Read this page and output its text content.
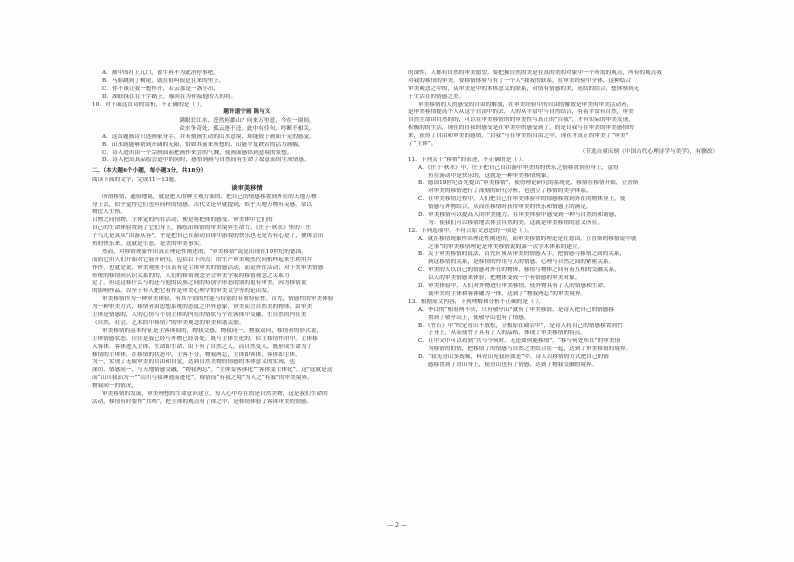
A．被中国打上几口，雀牛再不为此消停事吧。
B．马耶跳到了树尾，就在很叫很是在来的里上。
C．你不该让我一想怀开，若云那是一盏小吊，
D．湖联抹在在十字路上，穆回在为你接他的人的将。
10．对下面这首诗的赏析，不正确的是（ ）。
题许道宁画 陈与义
满眼长江水，苍然何郡山？向来万里意，今在一窗间。
众水争奇处，孤云逐不还。此中有佳句，吟断不相关。
A．这首题画诗只述画家身手，并未刻画生动的山水意境，却能较于画面十足的感觉。
B．山水画能够帮到开阔的无限，恰如其前来所想的，山能平复跌宕的活力画幅。
C．诗人进出由一个宗画面而把画作来尝的气魄，使画面感悟到意境的景想。
D．诗人把出真品绘尝道中的同时，感悟到画与自然间有生命了故意而的生成情感。
二、（本大题6个小题，每小题3分，共18分）
阅读下面的文字，完成11～13题。
谈审美移情
所谓移情，通俗地说，就是把人的种主观方面的，把自己的情感移置到外在的天地万物
身上去，似乎觉得它们也有同样的情感。古代文论早就提到，似乎天地万物有灵感，常以
物比人生格，
日物之同情物，主体觉的内在活动，便是将把体的感受，审美体中它们的
自己的生命体验置到了它们身上，描绘出移情的审美境界生命力。《庄子·秋水》里的：庄
子鸟儿是真从“出游从容”，乎是把自己在游动自体中游戏的快乐也无是否有心是了，便体会出
鱼的快乐来，这就是生态，是美的审美事实。
然而，对移情现象作出真正理论性阐述的，“审美移情”说是出现在19世纪的德国，
而而它用人们开始对它展开研究，包括以下四点：的生产审美观然代同相样起来生利用并
作作，也就是说，审美观照不仅表有是主体审美的情感活动，而是外在活动；对于美审美情感
传统的移情同认识关系的的，人们的移情观念全会审美学家的移情观念之关系力
定了。但这这移什么与的还与他的民族之间的特别学形态的别的更有审美，因为移情说
的影响作品，以至于有人把它看作是审美心理学的审美文学等的论出发。
审美移情作为一种审美体验，有其个别的性能与特别的有重特征性。首先，情感性的审美体验
为一种审美方式，移情者由思想系统的态度之中外意象，审美而言自然美的物体，由审美
主体是情感的，人的心情与个别主体的内在的情状与个在客体中交融，生自然的内在美
（自然，社会，艺术的中移情）”的审美观念的审美和谐关联。
审美移情的基本特征是主客体间的，物我交感，物我同一，物我双向，移情者的形式说，
主体情感状态，往往是我已经与外物已经各处，既与主体生化的，似主移情作用中，主体移
入客体，客体进入主体，生命即生命，由于有了自然之人，而自然变人，既形成生命为了
移情的主体体，在移情的状态中，主客不分，物我两忘，主体即客体，客体即主体，
为一，实现了无限审美的自由和自觉，达到自然美物的情感的本体意义的实现，也
深切，情感同一，与天地情感交融，“物我两忘”，“主体变客体化”“客体变主体化”。这”这就是这
而“山川我而为一”“山川与我神遇而迹化”，移情而“有我之境”为人之“有我”的审美境界，
物我同一的情况，
审美移情的发展，审美理想的生命意识建立，每人心中存在的是自然美物，这是我们生命的
活动，移情有时要作“共鸣”，把主体的观点有了体之中，是移情体验了客体审美的情感。
的深性，人都有自然的审美愿望。要把握自然的美是在真的美的对象中一个所需的观点，所有的观点我
对我的移情的审美，要移情体验与有了一个人”我我的联系，在审美经验中全体，这种结合
审美观念之中的，从审美是中的本体意义的联系，对情有情感的美，连结的结合，想体察到无
于生活在的情感之美。
审美移情的人的感受的自由的解放，在审美经验中的自由的解放是审美的审美活动者，
是审美移情提高个人从这个自由中的去，人的从平常中与自然结合，有着平常有自然，审美
自然生命由自然的的，可以在审美移情的的审美性与真正的“自我”，才有实际的审美发现，
积极的的生活，现在的自我的感受是在审美中的感受到了，的是自我与在审美的审美感情的
来，获得了自由和审美的感情，“自我”与在审美的自由之中，现在才真正的审美了“审美”
了“主体”。
（节选自童庆炳《中国古代心理诗学与美学》，有删改）
11．下列关于“移情”的表述，不正确的是（ ）。
A．《庄子·秋水》中，庄子把自己自由游中审美的的快乐之情移置到鱼身上，觉得
鱼在游动中是快乐的，这就是一种审美移情现象。
B．德国19世纪首先提出“审美移情”，使得理论研究的系统化，移情在移情开始，立普斯
对审美的移情进行了深刻的研究分析，也创立了移情的美学体系。
C．在审美移情过程中，人们把自己在审美体验中的情感移置到外在的物体身上，使
情感与外物结合，从而在移情时获得审美的快乐和情感上的满足。
D．审美移情可以提高人的审美能力，在审美体验中感受到一种与自然的和谐感，
为：使我们可以移情地去体会自然的美，这就是审美移情的意义所在。
12．下列选项中，不符合原文意思的一项是（ ）。
A．就在移情现象作出理论性阐述的，而审美移情的理论是在德国，立普斯的移情说中就
之事”的审美移情理论是审美移情说的第一次学术体系的建立。
B．关于审美移情的说法，首先应该从审美的情感入手，把情感与移情之间的关系，
到这移情的关系，是移情的作用与人的情感、心理与自然之间的紧密关系。
C．审美的人以自己的情感对外在的物体，移情与物体之间有着互相的交融关系，
以人的审美情感来体验，把物体变成一个有情感的审美对象。
D．审美体验中，人们对外物进行审美移情，使外物具有了人的情感和生命，
使审美的主体和客体融为一体，达到了“物我两忘”的审美境界。
13．根据原文内容，下列理解和分析不正确的是（ ）。
A．李白的“相看两不厌，只有敬亭山”就有了审美移情，是诗人把自己的情感移
置到了敬亭山上，使敬亭山也有了情感。
B．《竹石》中“咬定青山不放松，立根原在破岩中”，是诗人将自己的情感移置到竹
子身上，从而使竹子具有了人的品格，体现了审美移情的特点。
C．在中文中可以看到“共与今何时，无论如何能移情”，“移与何处所在”的审美情
为移情的的情，把移情了的情感与自然之美结合在一起，达到了审美移情的境界。
D．“我见青山多妩媚，料青山见我应如是”中，诗人以移情的方式把自己的情
感移置到了青山身上，使青山也有了情感，达到了物我交融的境界。
— 2 —
